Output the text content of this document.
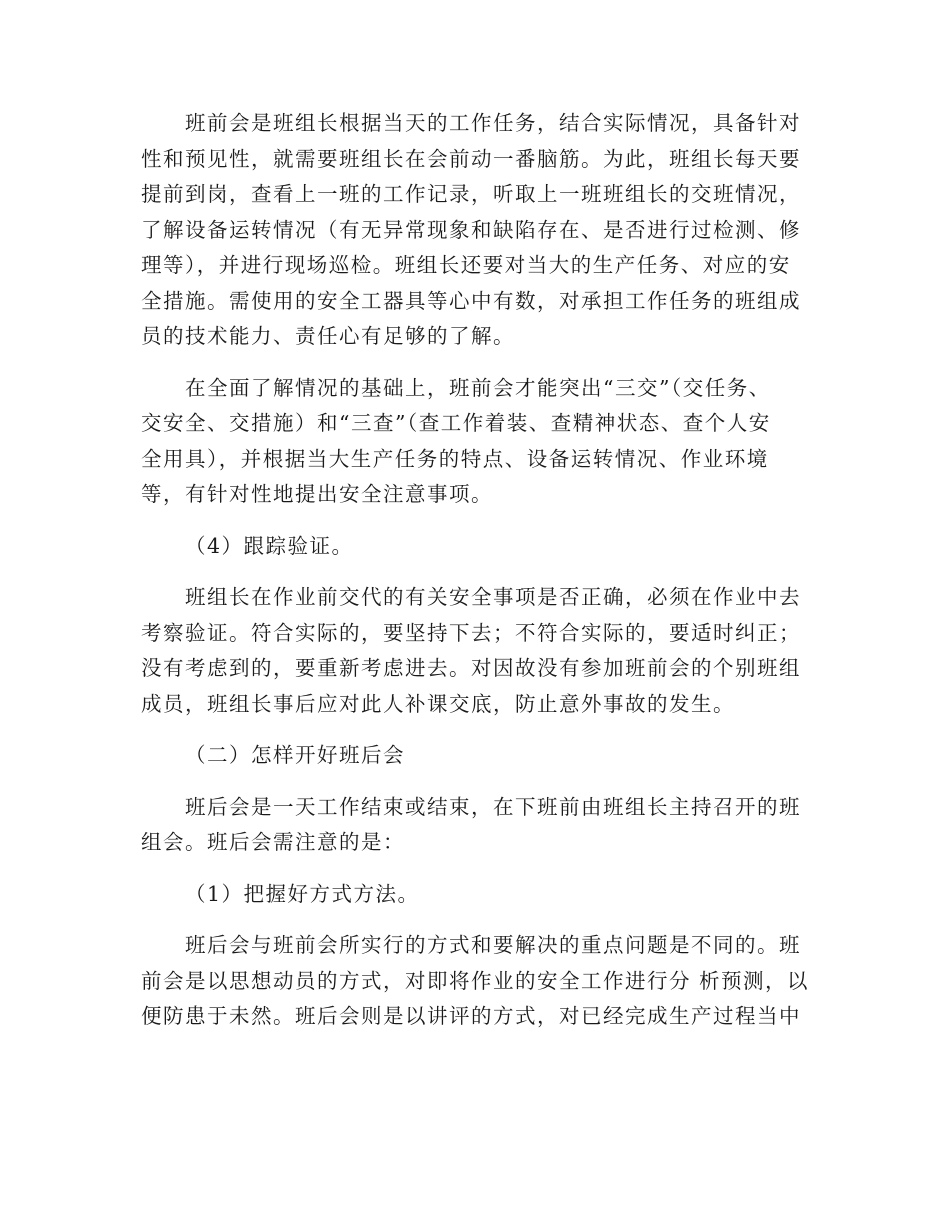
班前会是班组长根据当天的工作任务，结合实际情况，具备针对
性和预见性，就需要班组长在会前动一番脑筋。为此，班组长每天要
提前到岗，查看上一班的工作记录，听取上一班班组长的交班情况，
了解设备运转情况（有无异常现象和缺陷存在、是否进行过检测、修
理等），并进行现场巡检。班组长还要对当大的生产任务、对应的安
全措施。需使用的安全工器具等心中有数，对承担工作任务的班组成
员的技术能力、责任心有足够的了解。
在全面了解情况的基础上，班前会才能突出“三交”（交任务、
交安全、交措施）和“三查”（查工作着装、查精神状态、查个人安
全用具），并根据当大生产任务的特点、设备运转情况、作业环境
等，有针对性地提出安全注意事项。
（4）跟踪验证。
班组长在作业前交代的有关安全事项是否正确，必须在作业中去
考察验证。符合实际的，要坚持下去；不符合实际的，要适时纠正；
没有考虑到的，要重新考虑进去。对因故没有参加班前会的个别班组
成员，班组长事后应对此人补课交底，防止意外事故的发生。
（二）怎样开好班后会
班后会是一天工作结束或结束，在下班前由班组长主持召开的班
组会。班后会需注意的是：
（1）把握好方式方法。
班后会与班前会所实行的方式和要解决的重点问题是不同的。班
前会是以思想动员的方式，对即将作业的安全工作进行分 析预测，以
便防患于未然。班后会则是以讲评的方式，对已经完成生产过程当中
